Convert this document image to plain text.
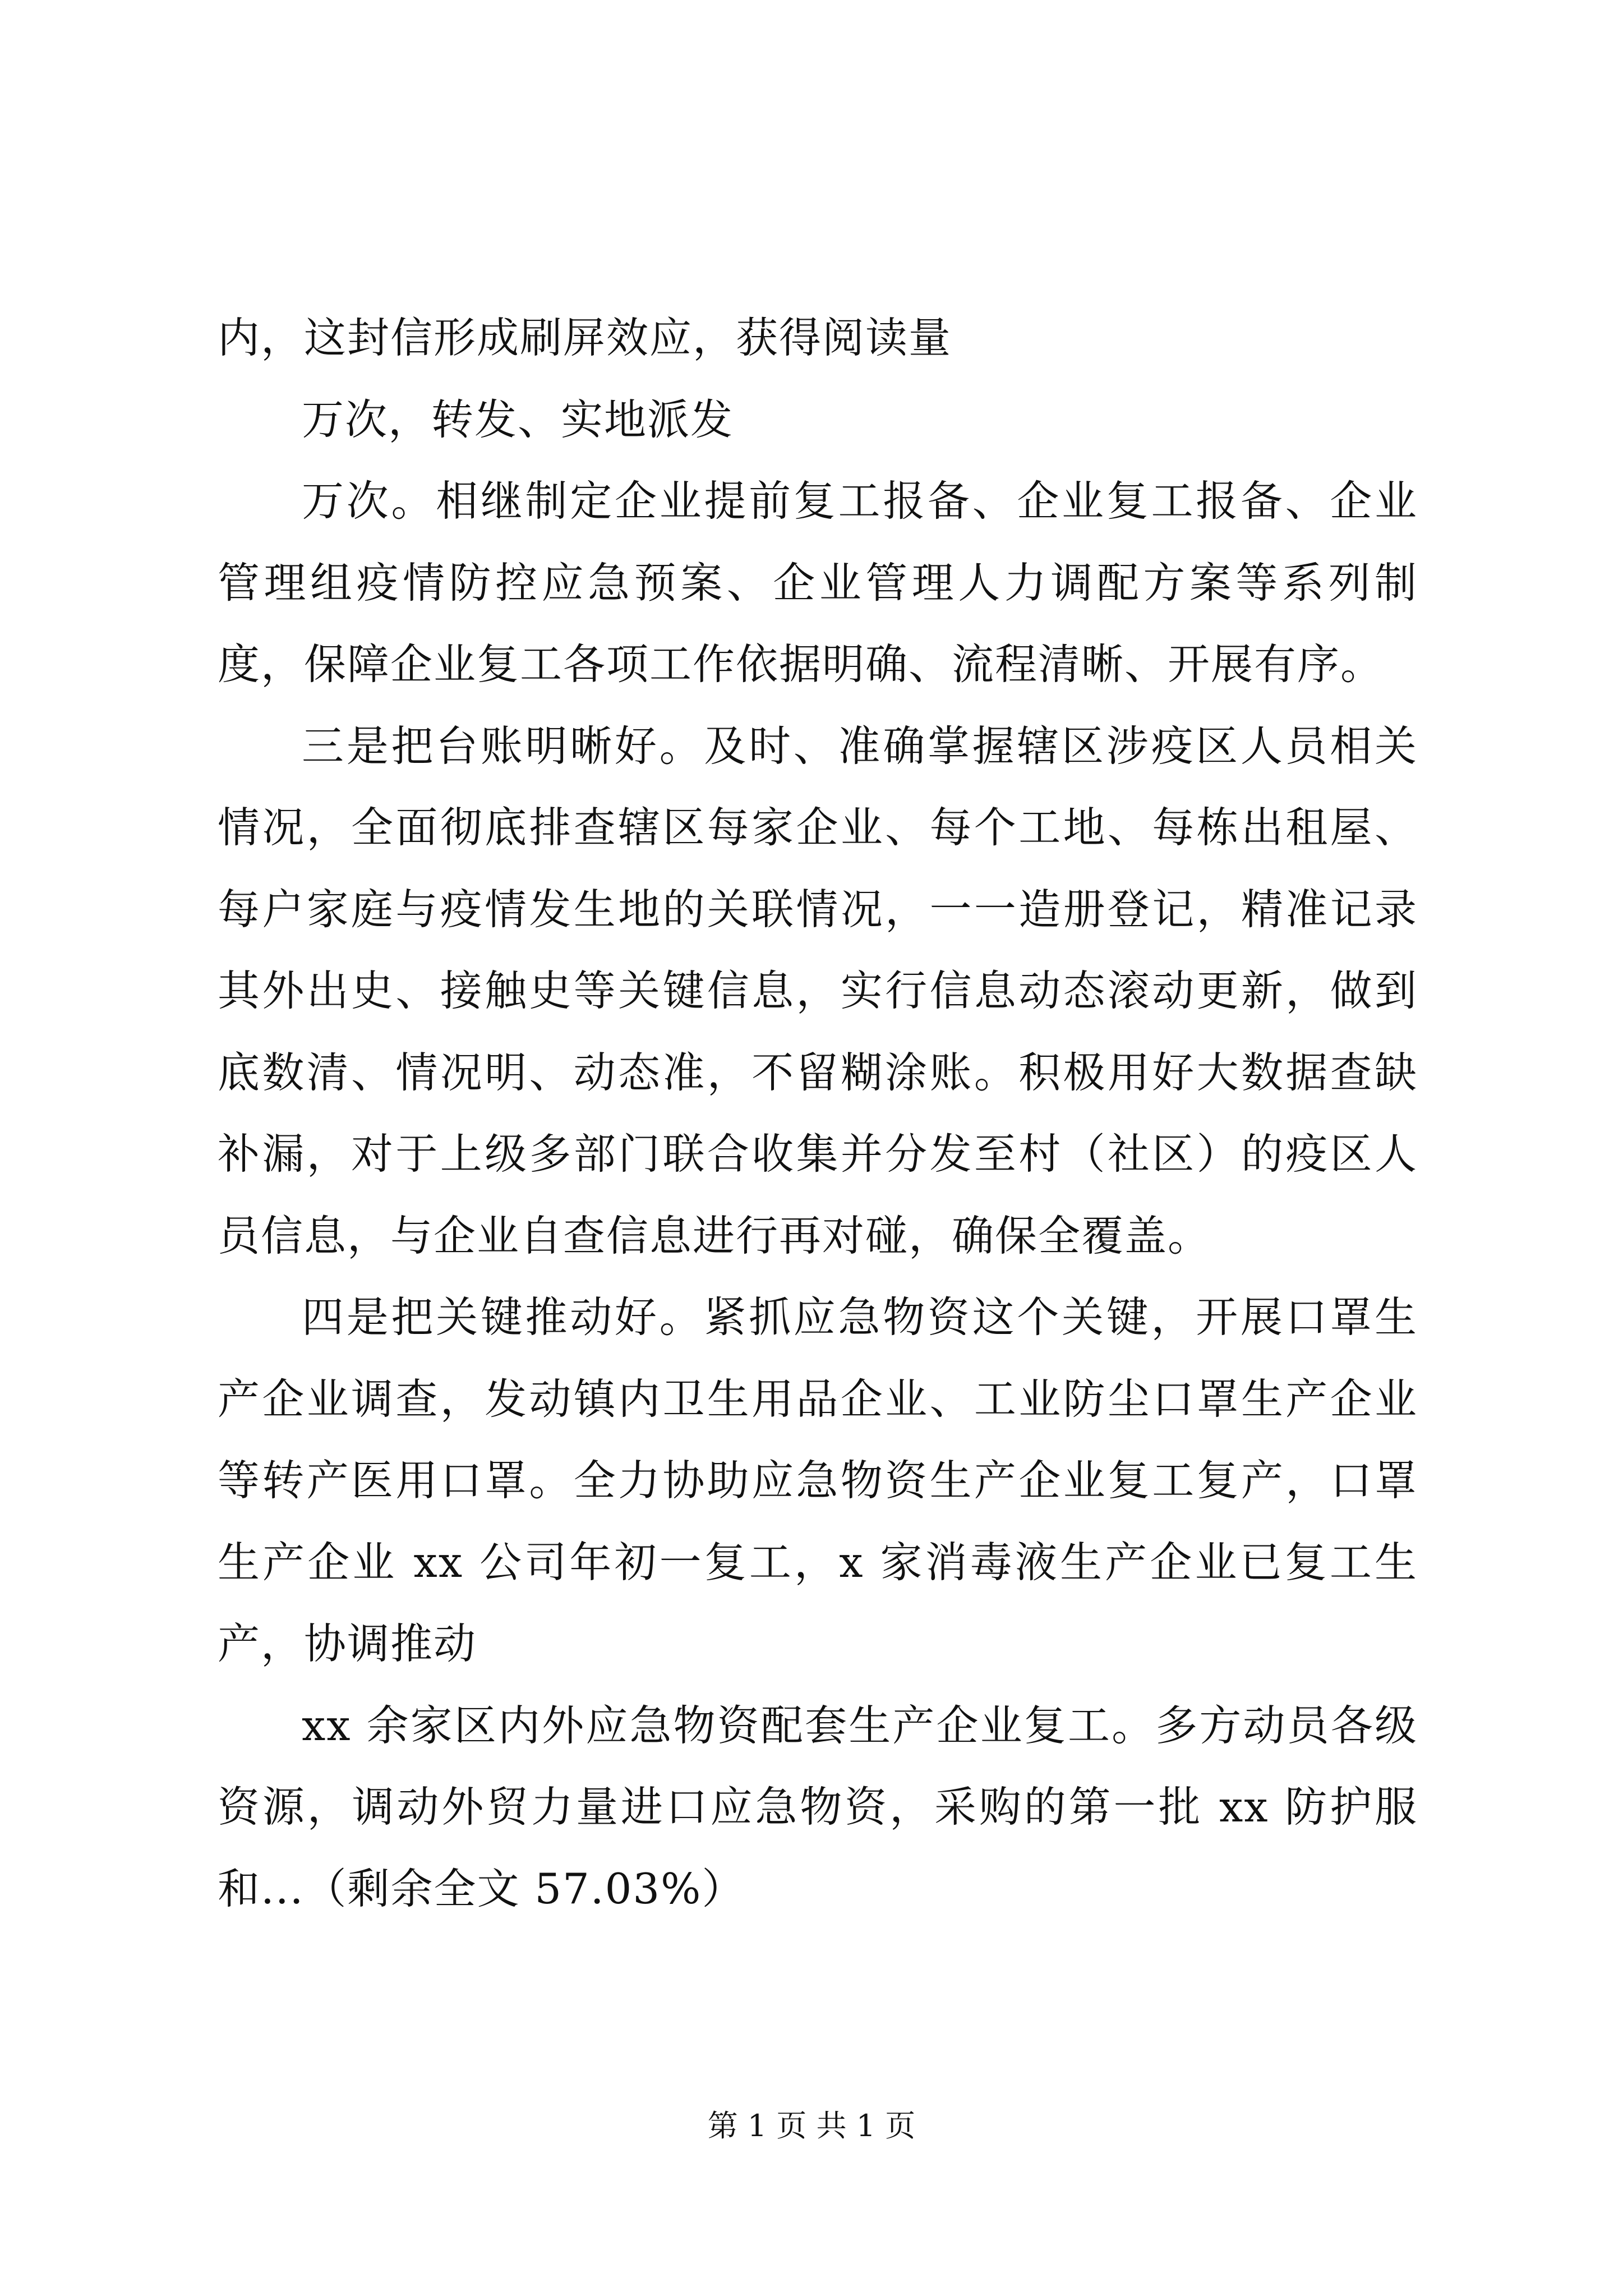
内，这封信形成刷屏效应，获得阅读量

万次，转发、实地派发

万次。相继制定企业提前复工报备、企业复工报备、企业管理组疫情防控应急预案、企业管理人力调配方案等系列制度，保障企业复工各项工作依据明确、流程清晰、开展有序。

三是把台账明晰好。及时、准确掌握辖区涉疫区人员相关情况，全面彻底排查辖区每家企业、每个工地、每栋出租屋、每户家庭与疫情发生地的关联情况，一一造册登记，精准记录其外出史、接触史等关键信息，实行信息动态滚动更新，做到底数清、情况明、动态准，不留糊涂账。积极用好大数据查缺补漏，对于上级多部门联合收集并分发至村（社区）的疫区人员信息，与企业自查信息进行再对碰，确保全覆盖。

四是把关键推动好。紧抓应急物资这个关键，开展口罩生产企业调查，发动镇内卫生用品企业、工业防尘口罩生产企业等转产医用口罩。全力协助应急物资生产企业复工复产，口罩生产企业 xx 公司年初一复工，x 家消毒液生产企业已复工生产，协调推动

xx 余家区内外应急物资配套生产企业复工。多方动员各级资源，调动外贸力量进口应急物资，采购的第一批 xx 防护服和...（剩余全文 57.03%）

第 1 页 共 1 页
